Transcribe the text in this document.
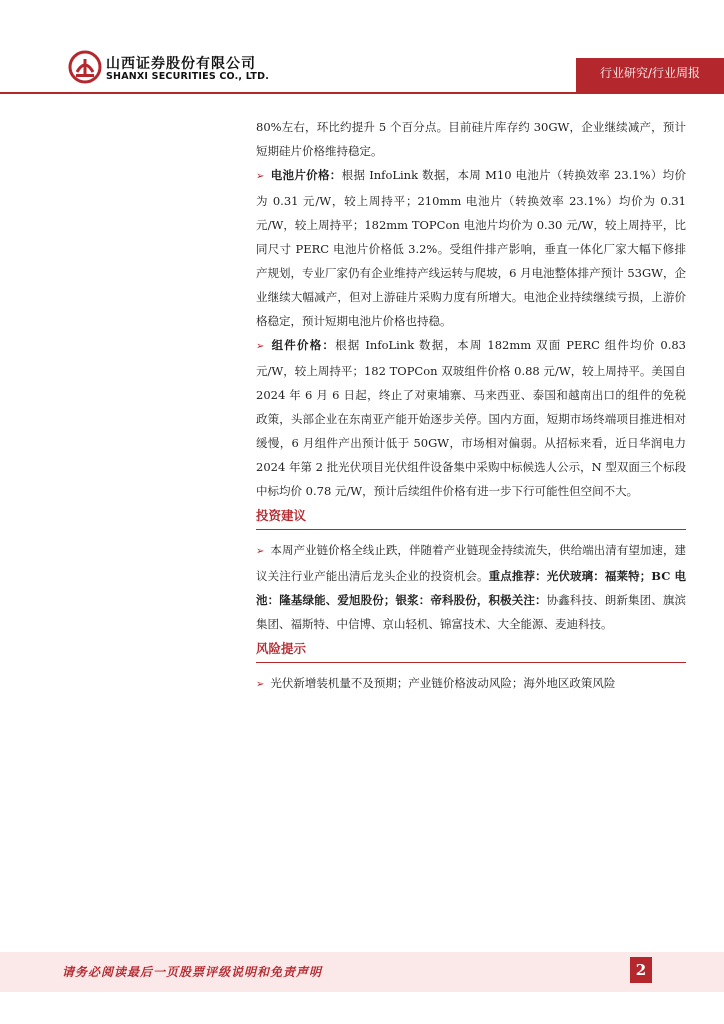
山西证券股份有限公司
SHANXI SECURITIES CO., LTD.	行业研究/行业周报

80%左右，环比约提升 5 个百分点。目前硅片库存约 30GW，企业继续减产，预计短期硅片价格维持稳定。

➢ 电池片价格：根据 InfoLink 数据，本周 M10 电池片（转换效率 23.1%）均价为 0.31 元/W，较上周持平；210mm 电池片（转换效率 23.1%）均价为 0.31 元/W，较上周持平；182mm TOPCon 电池片均价为 0.30 元/W，较上周持平，比同尺寸 PERC 电池片价格低 3.2%。受组件排产影响，垂直一体化厂家大幅下修排产规划，专业厂家仍有企业维持产线运转与爬坡，6 月电池整体排产预计 53GW，企业继续大幅减产，但对上游硅片采购力度有所增大。电池企业持续继续亏损，上游价格稳定，预计短期电池片价格也持稳。

➢ 组件价格：根据 InfoLink 数据，本周 182mm 双面 PERC 组件均价 0.83 元/W，较上周持平；182 TOPCon 双玻组件价格 0.88 元/W，较上周持平。美国自 2024 年 6 月 6 日起，终止了对柬埔寨、马来西亚、泰国和越南出口的组件的免税政策，头部企业在东南亚产能开始逐步关停。国内方面，短期市场终端项目推进相对缓慢，6 月组件产出预计低于 50GW，市场相对偏弱。从招标来看，近日华润电力 2024 年第 2 批光伏项目光伏组件设备集中采购中标候选人公示，N 型双面三个标段中标均价 0.78 元/W，预计后续组件价格有进一步下行可能性但空间不大。

投资建议

➢ 本周产业链价格全线止跌，伴随着产业链现金持续流失，供给端出清有望加速，建议关注行业产能出清后龙头企业的投资机会。重点推荐：光伏玻璃：福莱特；BC 电池：隆基绿能、爱旭股份；银浆：帝科股份，积极关注：协鑫科技、朗新集团、旗滨集团、福斯特、中信博、京山轻机、锦富技术、大全能源、麦迪科技。

风险提示

➢ 光伏新增装机量不及预期；产业链价格波动风险；海外地区政策风险

请务必阅读最后一页股票评级说明和免责声明	2
